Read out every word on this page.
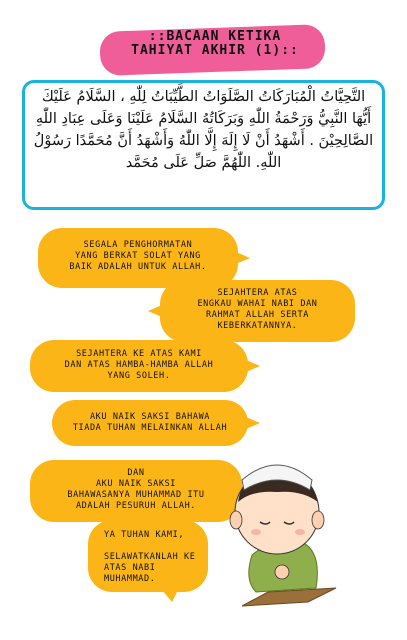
::BACAAN KETIKA
TAHIYAT AKHIR (1)::
التَّحِيَّاتُ الْمُبَارَكَاتُ الصَّلَوَاتُ الطَّيِّبَاتُ لِلّٰهِ ، السَّلَامُ عَلَيْكَ أَيُّهَا النَّبِيُّ وَرَحْمَةُ اللّٰهِ وَبَرَكَاتُهُ السَّلَامُ عَلَيْنَا وَعَلَى عِبَادِ اللّٰهِ الصَّالِحِيْنَ . أَشْهَدُ أَنْ لَا إِلَهَ إِلَّا اللّٰهُ وَأَشْهَدُ أَنَّ مُحَمَّدًا رَسُوْلُ اللّٰهِ. اللّٰهُمَّ صَلِّ عَلَى مُحَمَّد
SEGALA PENGHORMATAN
YANG BERKAT SOLAT YANG
BAIK ADALAH UNTUK ALLAH.
SEJAHTERA ATAS
ENGKAU WAHAI NABI DAN
RAHMAT ALLAH SERTA
KEBERKATANNYA.
SEJAHTERA KE ATAS KAMI
DAN ATAS HAMBA-HAMBA ALLAH
YANG SOLEH.
AKU NAIK SAKSI BAHAWA
TIADA TUHAN MELAINKAN ALLAH
DAN
AKU NAIK SAKSI
BAHAWASANYA MUHAMMAD ITU
ADALAH PESURUH ALLAH.
YA TUHAN KAMI,

SELAWATKANLAH KE
ATAS NABI MUHAMMAD.
